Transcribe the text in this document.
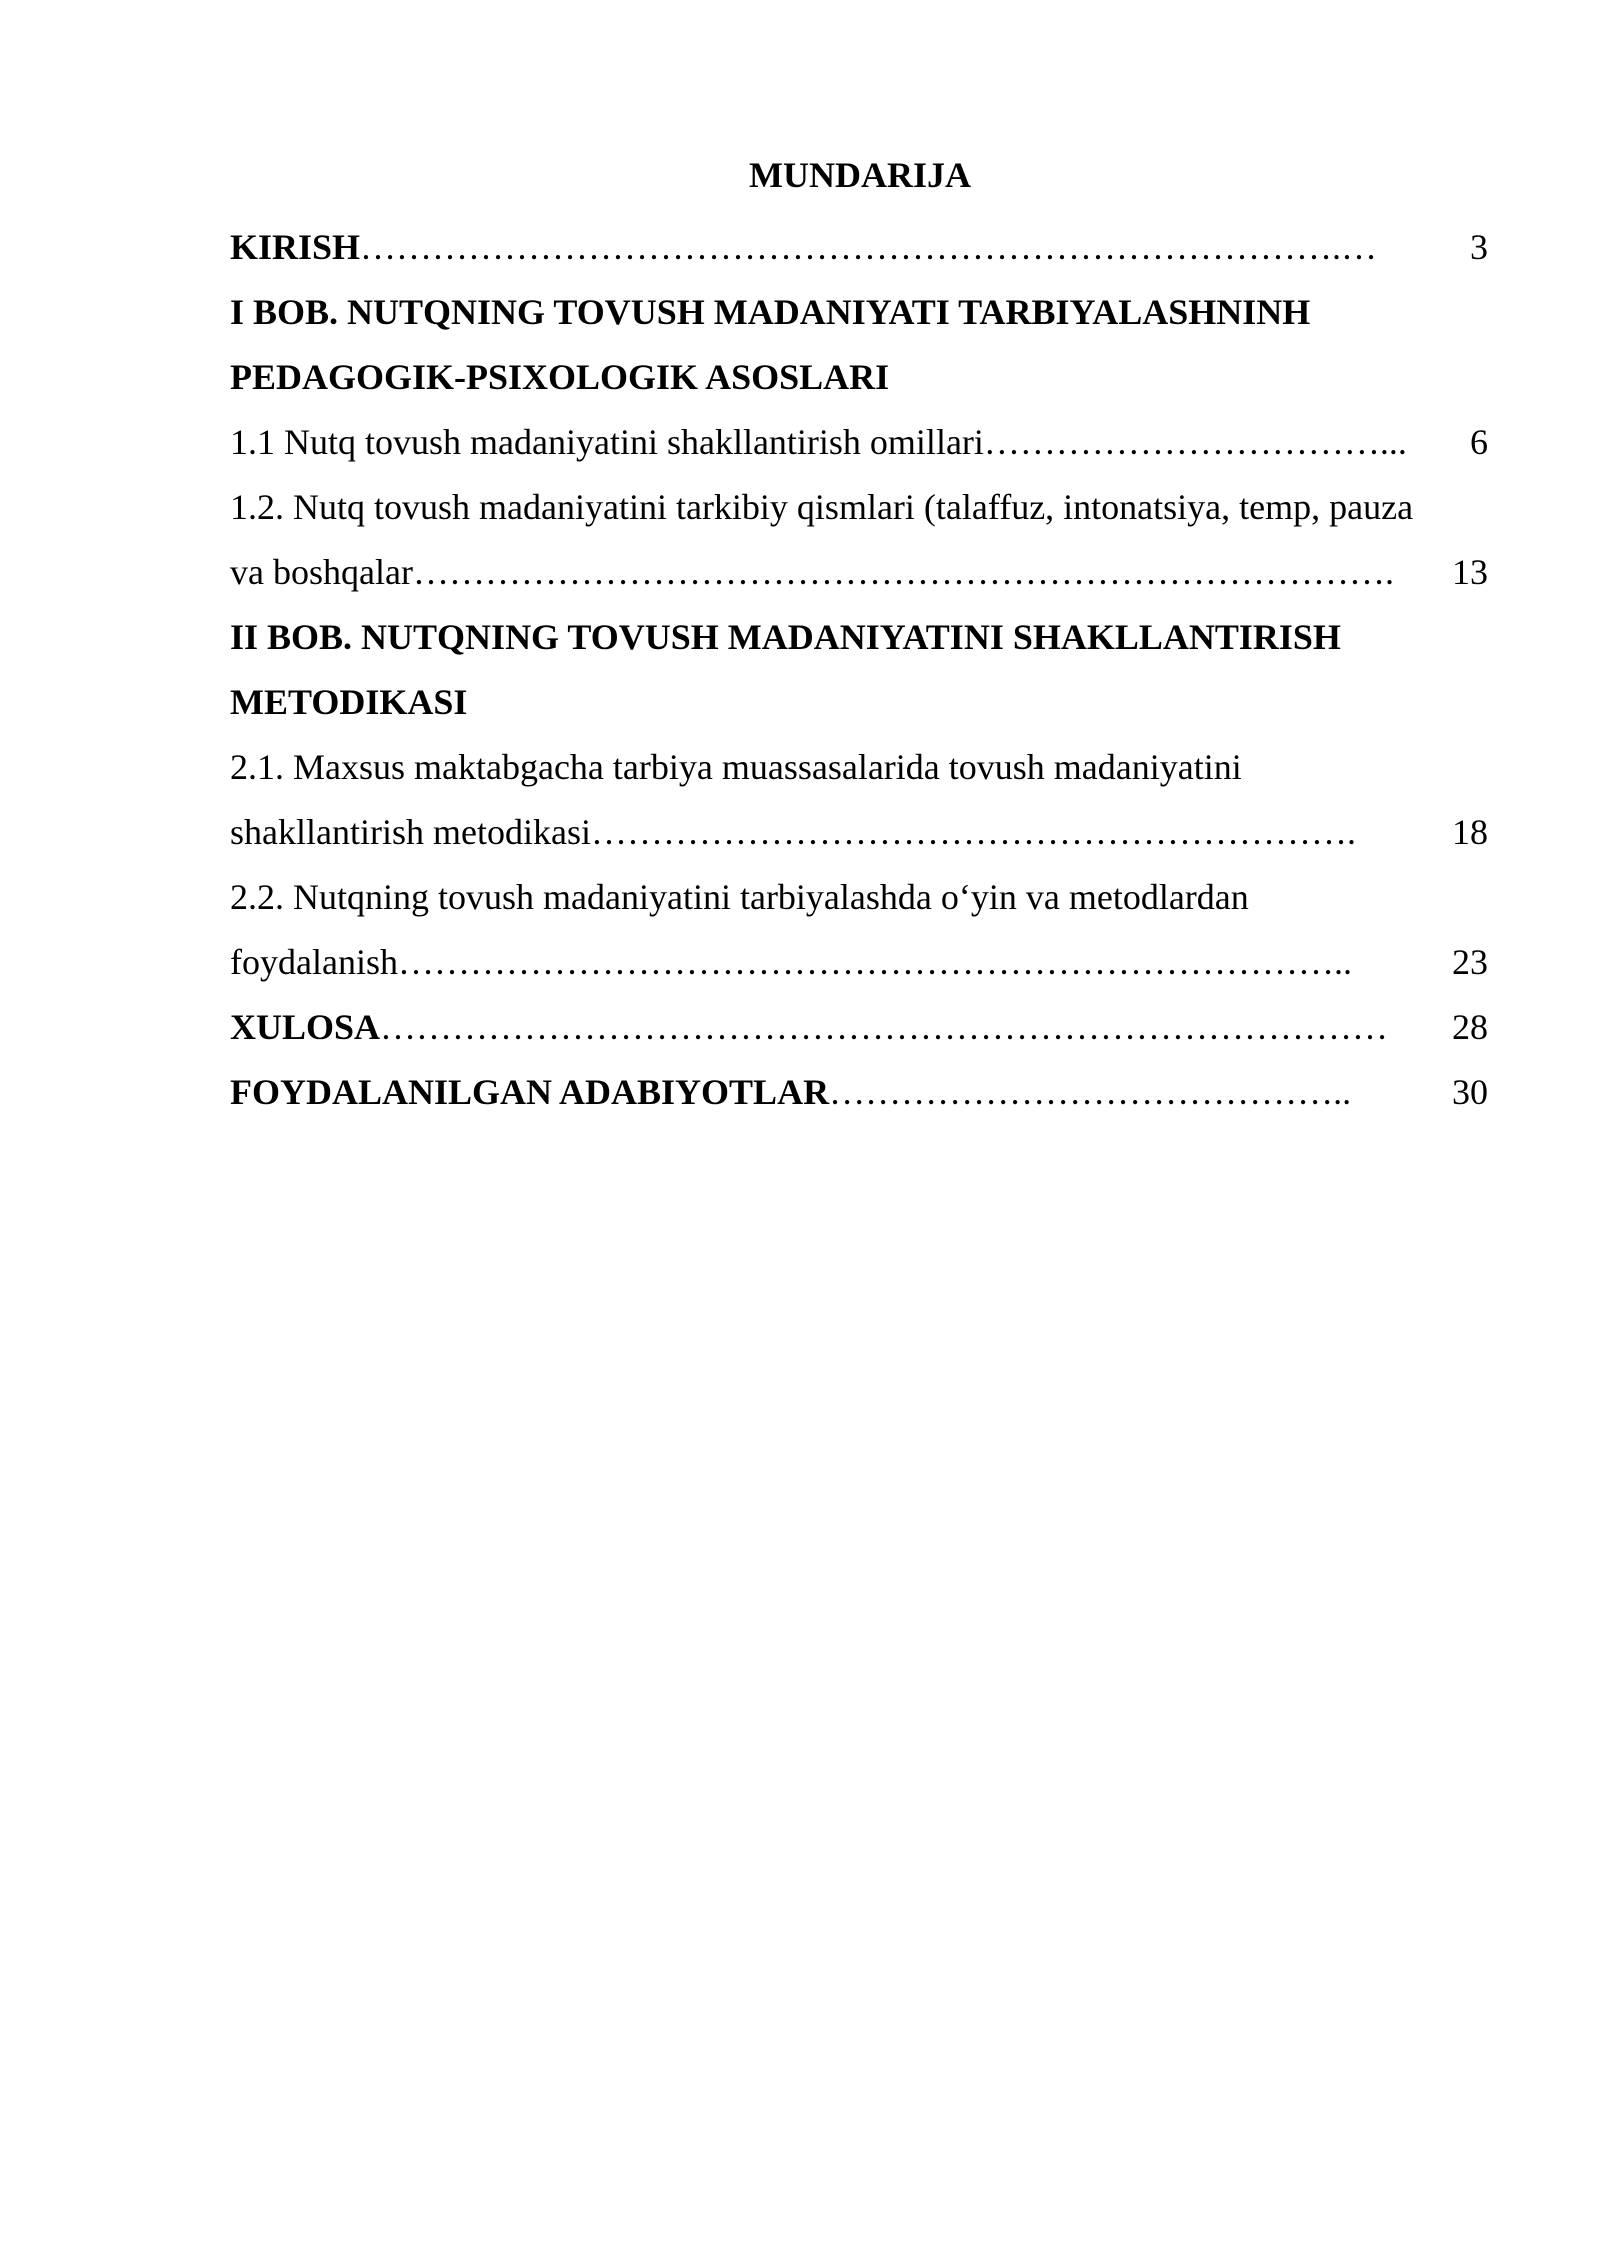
MUNDARIJA
KIRISH ……………………………………………………………………….…	3
I BOB. NUTQNING TOVUSH MADANIYATI TARBIYALASHNINH
PEDAGOGIK-PSIXOLOGIK ASOSLARI
1.1 Nutq tovush madaniyatini shakllantirish omillari ……………………………...	6
1.2. Nutq tovush madaniyatini tarkibiy qismlari (talaffuz, intonatsiya, temp, pauza
va boshqalar ……………………………………………………………………….	13
II BOB. NUTQNING TOVUSH MADANIYATINI SHAKLLANTIRISH
METODIKASI
2.1. Maxsus maktabgacha tarbiya muassasalarida tovush madaniyatini
shakllantirish metodikasi ……………………………………………………….	18
2.2. Nutqning tovush madaniyatini tarbiyalashda o‘yin va metodlardan
foydalanish ……………………………………………………………………..	23
XULOSA …………………………………………………………………………	28
FOYDALANILGAN ADABIYOTLAR ……………………………………..	30
